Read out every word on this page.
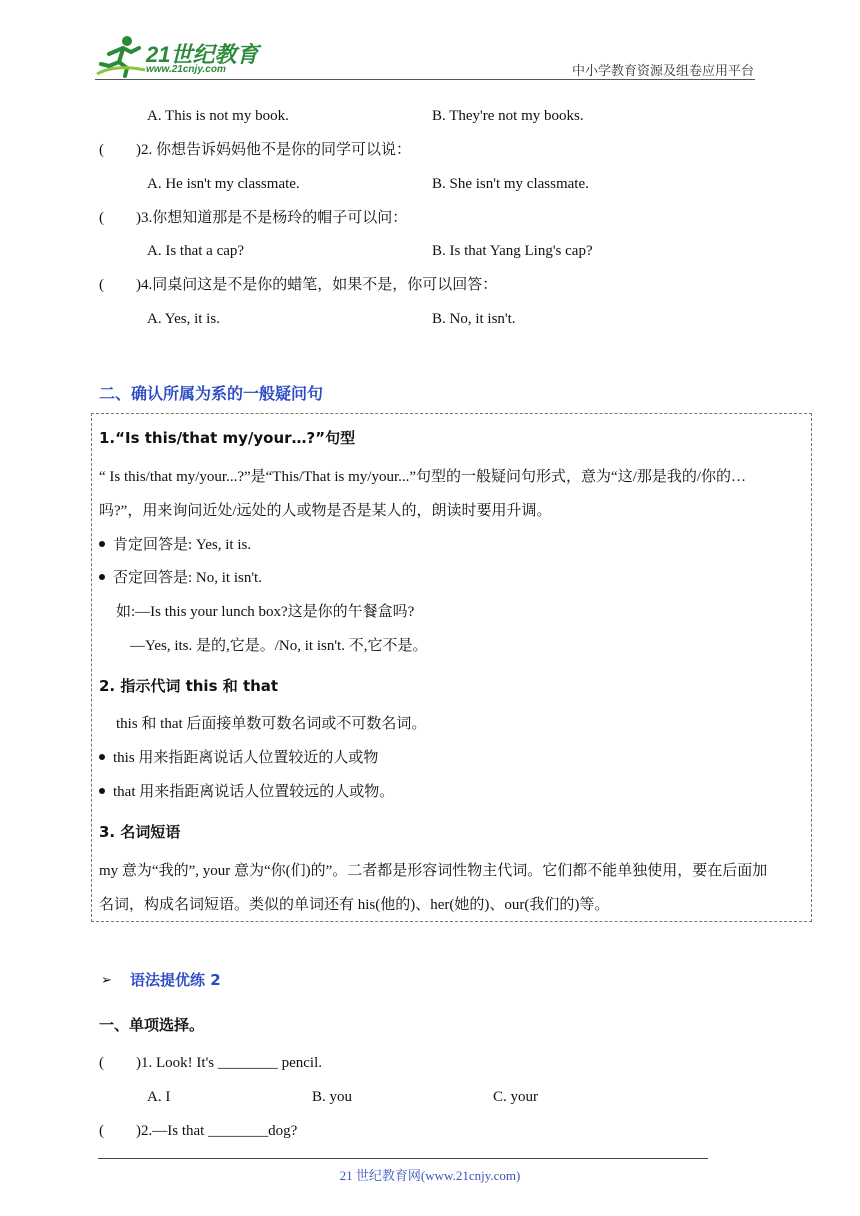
21世纪教育
www.21cnjy.com	中小学教育资源及组卷应用平台
A. This is not my book.	B. They're not my books.
( )2. 你想告诉妈妈他不是你的同学可以说：
A. He isn't my classmate.	B. She isn't my classmate.
( )3.你想知道那是不是杨玲的帽子可以问：
A. Is that a cap?	B. Is that Yang Ling's cap?
( )4.同桌问这是不是你的蜡笔，如果不是，你可以回答：
A. Yes, it is.	B. No, it isn't.
二、确认所属为系的一般疑问句
1.“Is this/that my/your…?”句型
“ Is this/that my/your...?”是“This/That is my/your...”句型的一般疑问句形式，意为“这/那是我的/你的…
吗?”，用来询问近处/远处的人或物是否是某人的，朗读时要用升调。
肯定回答是: Yes, it is.
否定回答是: No, it isn't.
如:—Is this your lunch box?这是你的午餐盒吗?
—Yes, its. 是的,它是。/No, it isn't. 不,它不是。
2. 指示代词 this 和 that
this 和 that 后面接单数可数名词或不可数名词。
this 用来指距离说话人位置较近的人或物
that 用来指距离说话人位置较远的人或物。
3. 名词短语
my 意为“我的”, your 意为“你(们)的”。二者都是形容词性物主代词。它们都不能单独使用，要在后面加
名词，构成名词短语。类似的单词还有 his(他的)、her(她的)、our(我们的)等。
➢ 语法提优练 2
一、单项选择。
( )1. Look! It's ________ pencil.
A. I	B. you	C. your
( )2.—Is that ________dog?
21 世纪教育网(www.21cnjy.com)
